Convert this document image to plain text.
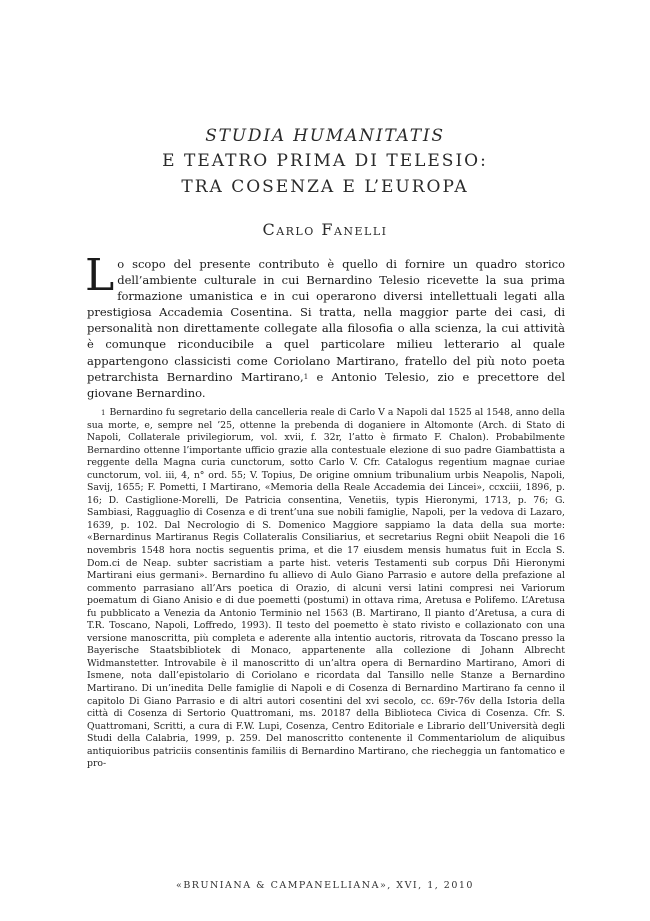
STUDIA HUMANITATIS
E TEATRO PRIMA DI TELESIO:
TRA COSENZA E L’EUROPA
Carlo Fanelli
Lo scopo del presente contributo è quello di fornire un quadro storico dell’ambiente culturale in cui Bernardino Telesio ricevette la sua prima formazione umanistica e in cui operarono diversi intellettuali legati alla prestigiosa Accademia Cosentina. Si tratta, nella maggior parte dei casi, di personalità non direttamente collegate alla filosofia o alla scienza, la cui attività è comunque riconducibile a quel particolare milieu letterario al quale appartengono classicisti come Coriolano Martirano, fratello del più noto poeta petrarchista Bernardino Martirano,$^1$ e Antonio Telesio, zio e precettore del giovane Bernardino.
$^1$ Bernardino fu segretario della cancelleria reale di Carlo V a Napoli dal 1525 al 1548, anno della sua morte, e, sempre nel ’25, ottenne la prebenda di doganiere in Altomonte (Arch. di Stato di Napoli, Collaterale privilegiorum, vol. xvii, f. 32r, l’atto è firmato F. Chalon). Probabilmente Bernardino ottenne l’importante ufficio grazie alla contestuale elezione di suo padre Giambattista a reggente della Magna curia cunctorum, sotto Carlo V. Cfr. Catalogus regentium magnae curiae cunctorum, vol. iii, 4, n° ord. 55; V. Topius, De origine omnium tribunalium urbis Neapolis, Napoli, Savij, 1655; F. Pometti, I Martirano, «Memoria della Reale Accademia dei Lincei», ccxciii, 1896, p. 16; D. Castiglione-Morelli, De Patricia consentina, Venetiis, typis Hieronymi, 1713, p. 76; G. Sambiasi, Ragguaglio di Cosenza e di trent’una sue nobili famiglie, Napoli, per la vedova di Lazaro, 1639, p. 102. Dal Necrologio di S. Domenico Maggiore sappiamo la data della sua morte: «Bernardinus Martiranus Regis Collateralis Consiliarius, et secretarius Regni obiit Neapoli die 16 novembris 1548 hora noctis seguentis prima, et die 17 eiusdem mensis humatus fuit in Eccla S. Dom.ci de Neap. subter sacristiam a parte hist. veteris Testamenti sub corpus Dñi Hieronymi Martirani eius germani». Bernardino fu allievo di Aulo Giano Parrasio e autore della prefazione al commento parrasiano all’Ars poetica di Orazio, di alcuni versi latini compresi nei Variorum poematum di Giano Anisio e di due poemetti (postumi) in ottava rima, Aretusa e Polifemo. L’Aretusa fu pubblicato a Venezia da Antonio Terminio nel 1563 (B. Martirano, Il pianto d’Aretusa, a cura di T.R. Toscano, Napoli, Loffredo, 1993). Il testo del poemetto è stato rivisto e collazionato con una versione manoscritta, più completa e aderente alla intentio auctoris, ritrovata da Toscano presso la Bayerische Staatsbibliotek di Monaco, appartenente alla collezione di Johann Albrecht Widmanstetter. Introvabile è il manoscritto di un’altra opera di Bernardino Martirano, Amori di Ismene, nota dall’epistolario di Coriolano e ricordata dal Tansillo nelle Stanze a Bernardino Martirano. Di un’inedita Delle famiglie di Napoli e di Cosenza di Bernardino Martirano fa cenno il capitolo Di Giano Parrasio e di altri autori cosentini del xvi secolo, cc. 69r-76v della Istoria della città di Cosenza di Sertorio Quattromani, ms. 20187 della Biblioteca Civica di Cosenza. Cfr. S. Quattromani, Scritti, a cura di F.W. Lupi, Cosenza, Centro Editoriale e Librario dell’Università degli Studi della Calabria, 1999, p. 259. Del manoscritto contenente il Commentariolum de aliquibus antiquioribus patriciis consentinis familiis di Bernardino Martirano, che riecheggia un fantomatico e pro-
«BRUNIANA & CAMPANELLIANA», XVI, 1, 2010
